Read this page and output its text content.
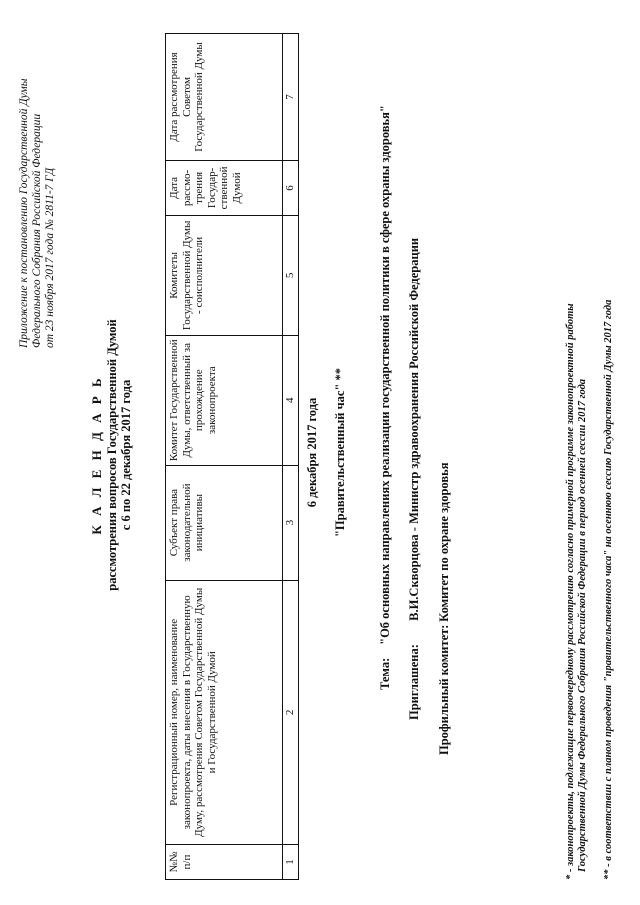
Приложение к постановлению Государственной Думы Федерального Собрания Российской Федерации от 23 ноября 2017 года № 2811-7 ГД
К А Л Е Н Д А Р Ь рассмотрения вопросов Государственной Думой с 6 по 22 декабря 2017 года
№№ п/п	Регистрационный номер, наименование законопроекта, даты внесения в Государственную Думу, рассмотрения Советом Государственной Думы и Государственной Думой	Субъект права законодательной инициативы	Комитет Государственной Думы, ответственный за прохождение законопроекта	Комитеты Государственной Думы - соисполнители	Дата рассмо-трения Государ-ственной Думой	Дата рассмотрения Советом Государственной Думы
1	2	3	4	5	6	7
6 декабря 2017 года "Правительственный час" **
Тема: "Об основных направлениях реализации государственной политики в сфере охраны здоровья"
Приглашена: В.И.Скворцова - Министр здравоохранения Российской Федерации
Профильный комитет: Комитет по охране здоровья	* - законопроекты, подлежащие первоочередному рассмотрению согласно примерной программе законопроектной работы Государственной Думы Федерального Собрания Российской Федерации в период осенней сессии 2017 года ** - в соответствии с планом проведения "правительственного часа" на осеннюю сессию Государственной Думы 2017 года
